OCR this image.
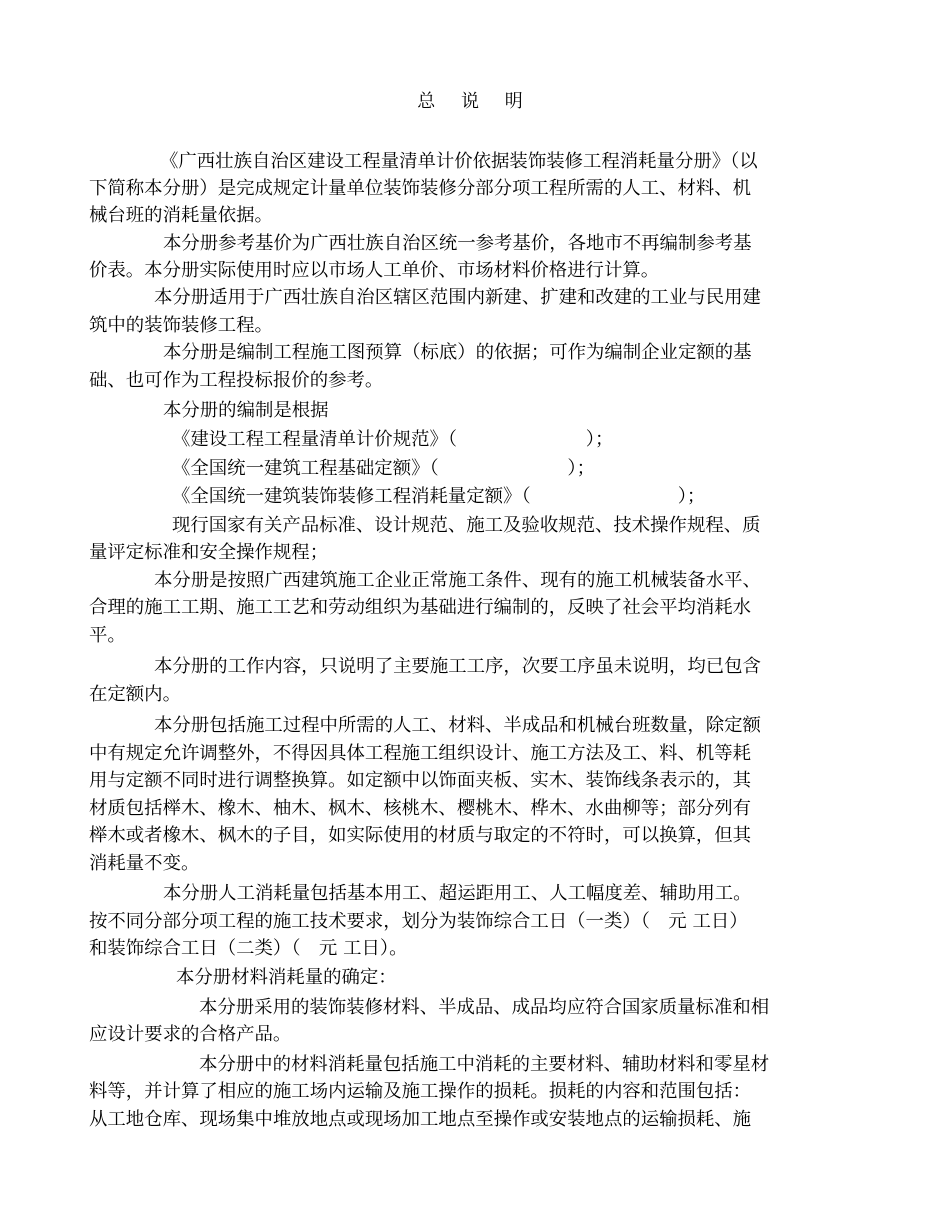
总 说 明
《广西壮族自治区建设工程量清单计价依据装饰装修工程消耗量分册》（以
下简称本分册）是完成规定计量单位装饰装修分部分项工程所需的人工、材料、机
械台班的消耗量依据。
本分册参考基价为广西壮族自治区统一参考基价，各地市不再编制参考基
价表。本分册实际使用时应以市场人工单价、市场材料价格进行计算。
本分册适用于广西壮族自治区辖区范围内新建、扩建和改建的工业与民用建
筑中的装饰装修工程。
本分册是编制工程施工图预算（标底）的依据；可作为编制企业定额的基
础、也可作为工程投标报价的参考。
本分册的编制是根据
《建设工程工程量清单计价规范》（　　　　　　　）；
《全国统一建筑工程基础定额》（　　　　　　　）；
《全国统一建筑装饰装修工程消耗量定额》（　　　　　　　　）；
现行国家有关产品标准、设计规范、施工及验收规范、技术操作规程、质
量评定标准和安全操作规程；
本分册是按照广西建筑施工企业正常施工条件、现有的施工机械装备水平、
合理的施工工期、施工工艺和劳动组织为基础进行编制的，反映了社会平均消耗水
平。
本分册的工作内容，只说明了主要施工工序，次要工序虽未说明，均已包含
在定额内。
本分册包括施工过程中所需的人工、材料、半成品和机械台班数量，除定额
中有规定允许调整外，不得因具体工程施工组织设计、施工方法及工、料、机等耗
用与定额不同时进行调整换算。如定额中以饰面夹板、实木、装饰线条表示的，其
材质包括榉木、橡木、柚木、枫木、核桃木、樱桃木、桦木、水曲柳等；部分列有
榉木或者橡木、枫木的子目，如实际使用的材质与取定的不符时，可以换算，但其
消耗量不变。
本分册人工消耗量包括基本用工、超运距用工、人工幅度差、辅助用工。
按不同分部分项工程的施工技术要求，划分为装饰综合工日（一类）（　元 工日）
和装饰综合工日（二类）（　元 工日）。
本分册材料消耗量的确定：
本分册采用的装饰装修材料、半成品、成品均应符合国家质量标准和相
应设计要求的合格产品。
本分册中的材料消耗量包括施工中消耗的主要材料、辅助材料和零星材
料等，并计算了相应的施工场内运输及施工操作的损耗。损耗的内容和范围包括：
从工地仓库、现场集中堆放地点或现场加工地点至操作或安装地点的运输损耗、施
